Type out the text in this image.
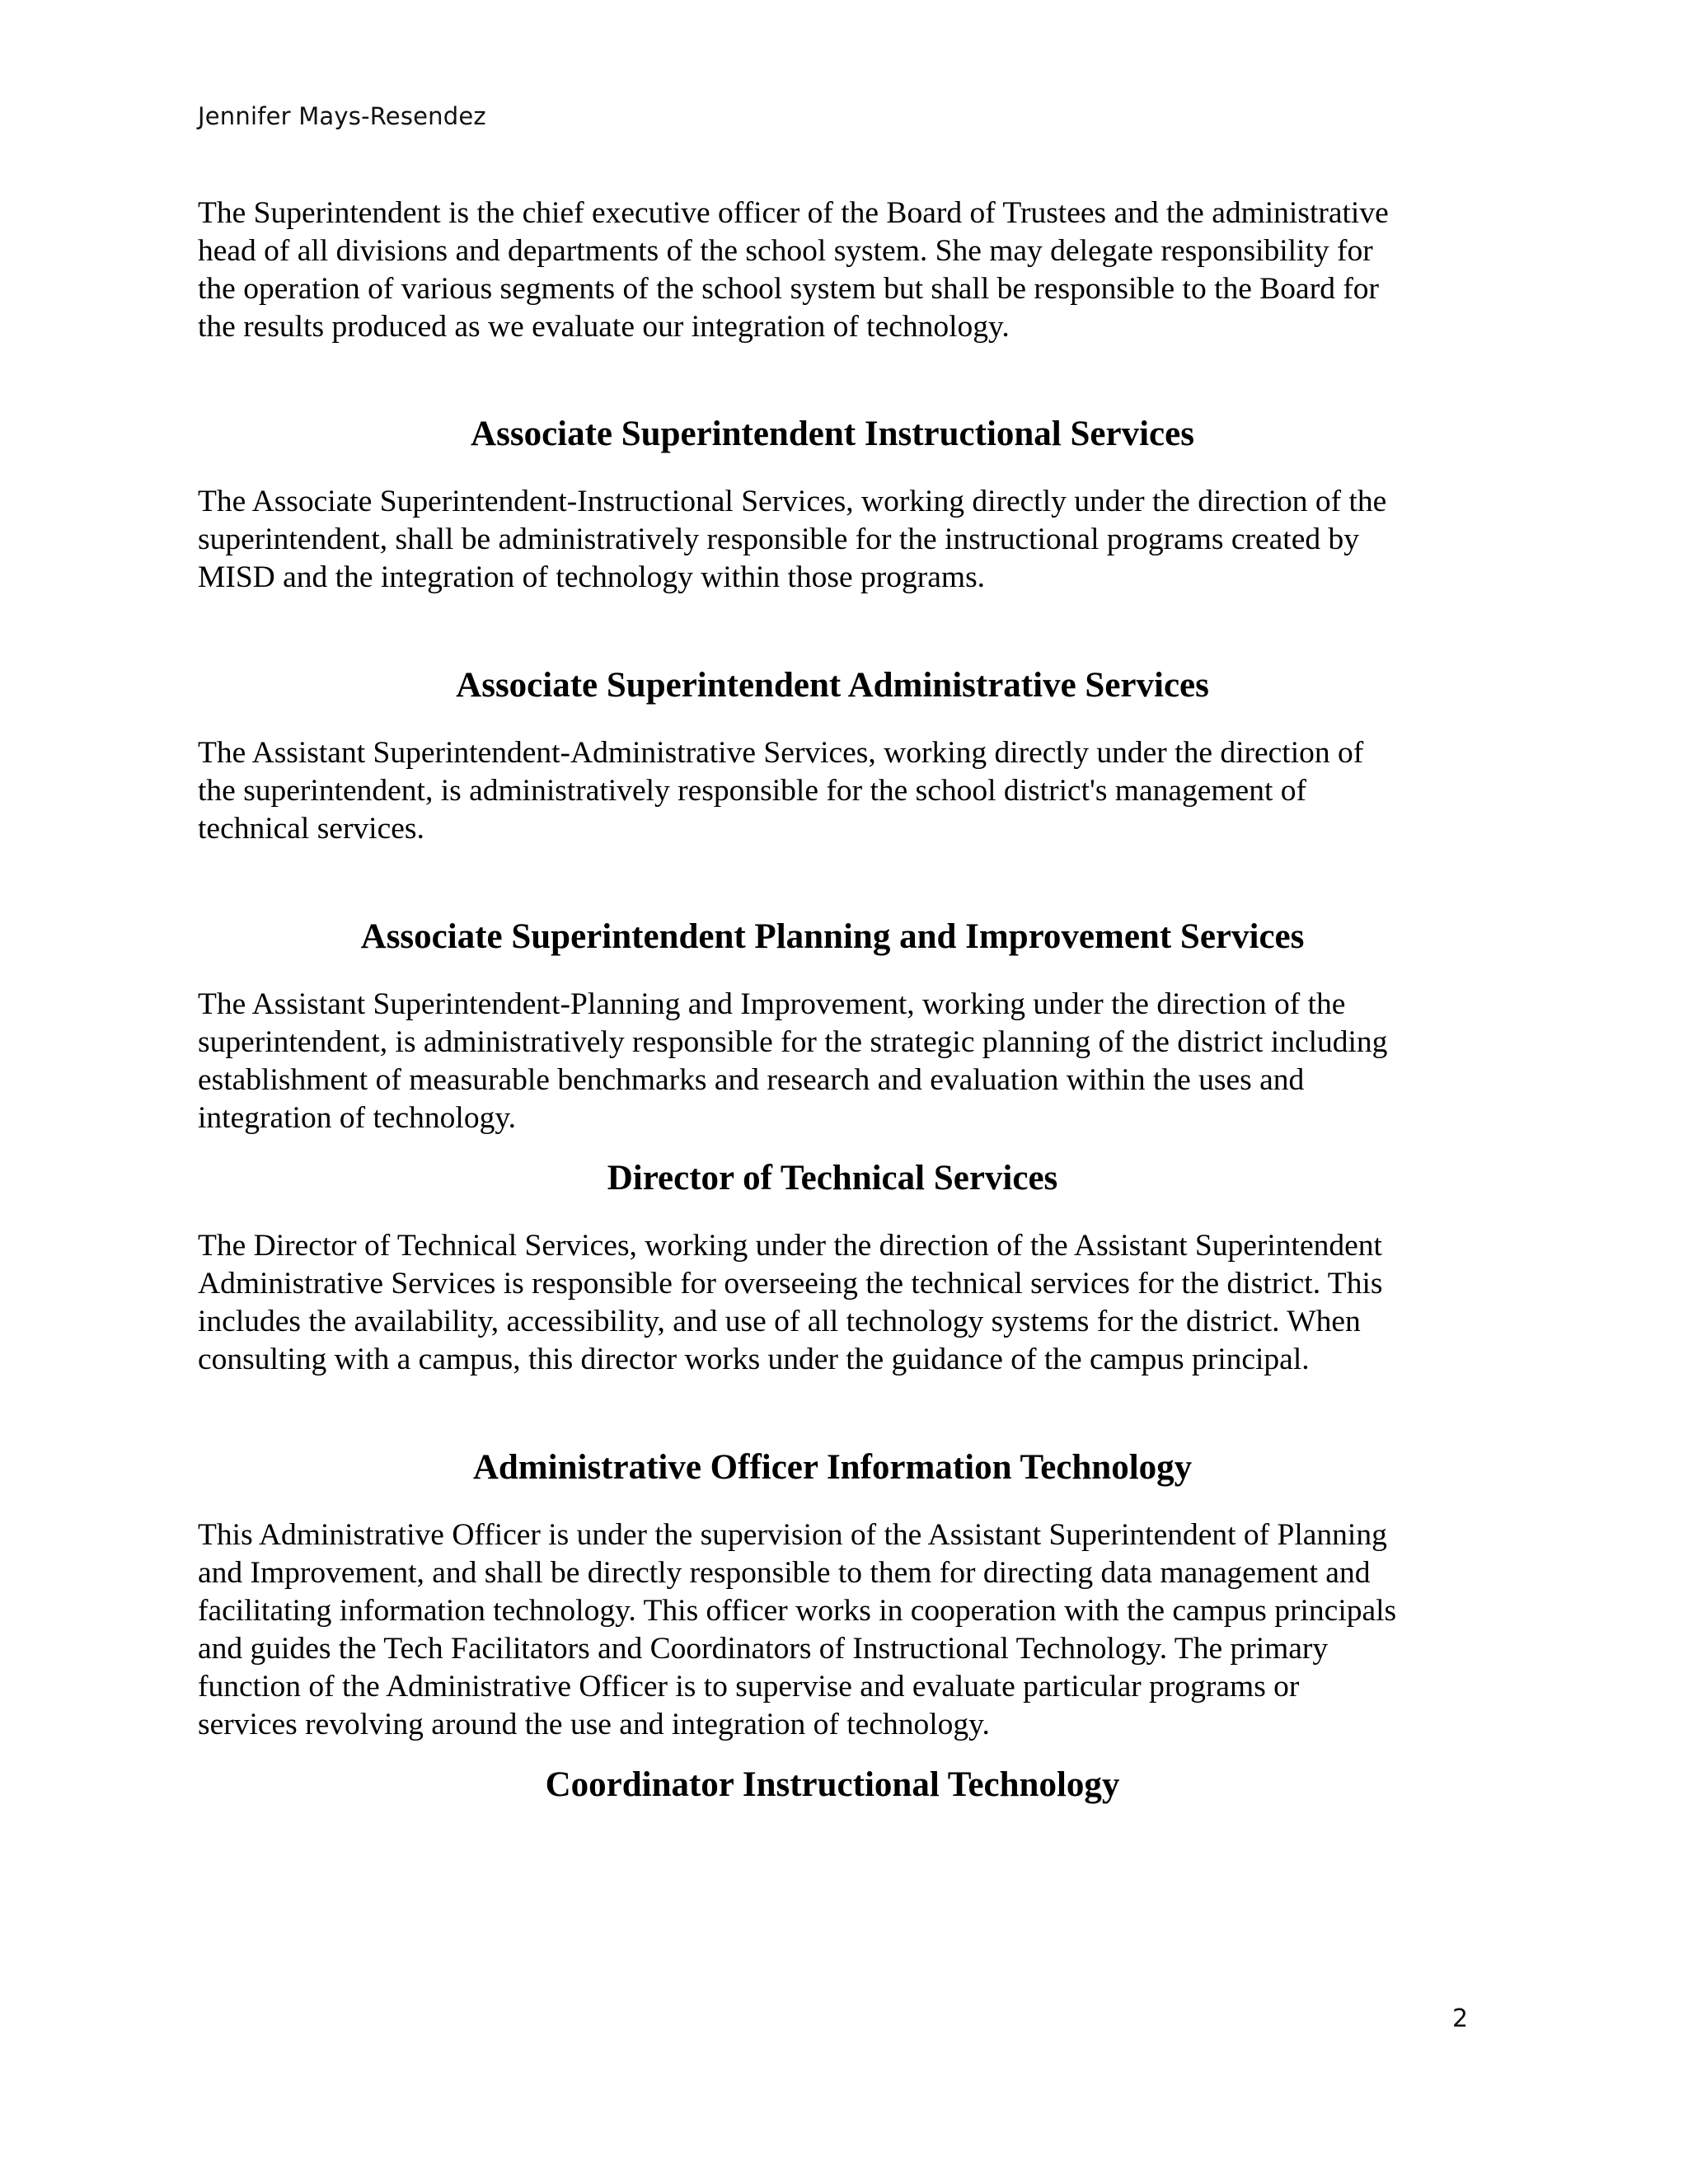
Jennifer Mays-Resendez

The Superintendent is the chief executive officer of the Board of Trustees and the administrative
head of all divisions and departments of the school system. She may delegate responsibility for
the operation of various segments of the school system but shall be responsible to the Board for
the results produced as we evaluate our integration of technology.

Associate Superintendent Instructional Services

The Associate Superintendent-Instructional Services, working directly under the direction of the
superintendent, shall be administratively responsible for the instructional programs created by
MISD and the integration of technology within those programs.

Associate Superintendent Administrative Services

The Assistant Superintendent-Administrative Services, working directly under the direction of
the superintendent, is administratively responsible for the school district's management of
technical services.

Associate Superintendent Planning and Improvement Services

The Assistant Superintendent-Planning and Improvement, working under the direction of the
superintendent, is administratively responsible for the strategic planning of the district including
establishment of measurable benchmarks and research and evaluation within the uses and
integration of technology.

Director of Technical Services

The Director of Technical Services, working under the direction of the Assistant Superintendent
Administrative Services is responsible for overseeing the technical services for the district. This
includes the availability, accessibility, and use of all technology systems for the district. When
consulting with a campus, this director works under the guidance of the campus principal.

Administrative Officer Information Technology

This Administrative Officer is under the supervision of the Assistant Superintendent of Planning
and Improvement, and shall be directly responsible to them for directing data management and
facilitating information technology. This officer works in cooperation with the campus principals
and guides the Tech Facilitators and Coordinators of Instructional Technology. The primary
function of the Administrative Officer is to supervise and evaluate particular programs or
services revolving around the use and integration of technology.

Coordinator Instructional Technology
2
